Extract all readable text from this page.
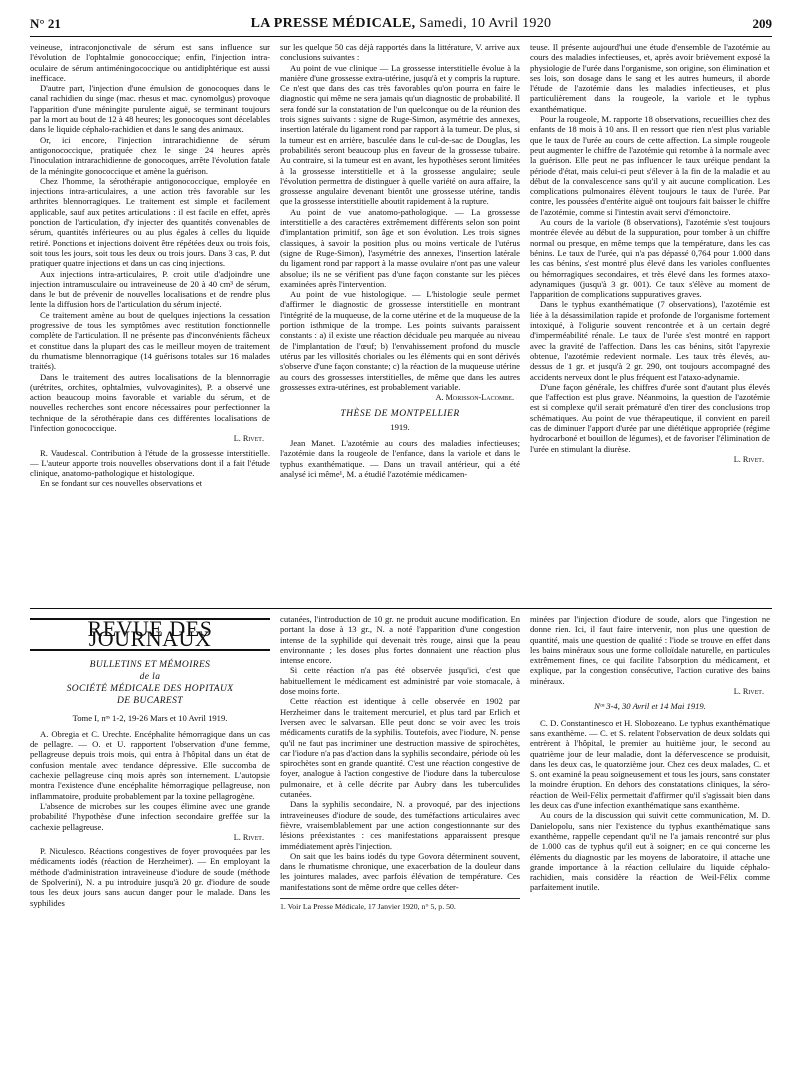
N° 21	LA PRESSE MÉDICALE, Samedi, 10 Avril 1920	209

veineuse, intraconjonctivale de sérum est sans influence sur l'évolution de l'ophtalmie gonococcique; enfin, l'injection intra-oculaire de sérum antiméningococcique ou antidiphtérique est aussi inefficace.

D'autre part, l'injection d'une émulsion de gonocoques dans le canal rachidien du singe (mac. rhesus et mac. cynomolgus) provoque l'apparition d'une méningite purulente aiguë, se terminant toujours par la mort au bout de 12 à 48 heures; les gonocoques sont décelables dans le liquide céphalo-rachidien et dans le sang des animaux.

Or, ici encore, l'injection intrarachidienne de sérum antigonococcique, pratiquée chez le singe 24 heures après l'inoculation intrarachidienne de gonocoques, arrête l'évolution fatale de la méningite gonococcique et amène la guérison.

Chez l'homme, la sérothérapie antigonococcique, employée en injections intra-articulaires, a une action très favorable sur les arthrites blennorragiques. Le traitement est simple et facilement applicable, sauf aux petites articulations : il est facile en effet, après ponction de l'articulation, d'y injecter des quantités convenables de sérum, quantités inférieures ou au plus égales à celles du liquide retiré. Ponctions et injections doivent être répétées deux ou trois fois, soit tous les jours, soit tous les deux ou trois jours. Dans 3 cas, P. dut pratiquer quatre injections et dans un cas cinq injections.

Aux injections intra-articulaires, P. croit utile d'adjoindre une injection intramusculaire ou intraveineuse de 20 à 40 cm³ de sérum, dans le but de prévenir de nouvelles localisations et de rendre plus lente la diffusion hors de l'articulation du sérum injecté.

Ce traitement amène au bout de quelques injections la cessation progressive de tous les symptômes avec restitution fonctionnelle complète de l'articulation. Il ne présente pas d'inconvénients fâcheux et constitue dans la plupart des cas le meilleur moyen de traitement du rhumatisme blennorragique (14 guérisons totales sur 16 malades traités).

Dans le traitement des autres localisations de la blennorragie (urétrites, orchites, ophtalmies, vulvovaginites), P. a observé une action beaucoup moins favorable et variable du sérum, et de nouvelles recherches sont encore nécessaires pour perfectionner la technique de la sérothérapie dans ces différentes localisations de l'infection gonococcique.

L. Rivet.

R. Vaudescal. Contribution à l'étude de la grossesse interstitielle. — L'auteur apporte trois nouvelles observations dont il a fait l'étude clinique, anatomo-pathologique et histologique.

En se fondant sur ces nouvelles observations et

sur les quelque 50 cas déjà rapportés dans la littérature, V. arrive aux conclusions suivantes :

Au point de vue clinique — La grossesse interstitielle évolue à la manière d'une grossesse extra-utérine, jusqu'à et y compris la rupture. Ce n'est que dans des cas très favorables qu'on pourra en faire le diagnostic qui même ne sera jamais qu'un diagnostic de probabilité. Il sera fondé sur la constatation de l'un quelconque ou de la réunion des trois signes suivants : signe de Ruge-Simon, asymétrie des annexes, insertion latérale du ligament rond par rapport à la tumeur. De plus, si la tumeur est en arrière, basculée dans le cul-de-sac de Douglas, les probabilités seront beaucoup plus en faveur de la grossesse tubaire. Au contraire, si la tumeur est en avant, les hypothèses seront limitées à la grossesse interstitielle et à la grossesse angulaire; seule l'évolution permettra de distinguer à quelle variété on aura affaire, la grossesse angulaire devenant bientôt une grossesse utérine, tandis que la grossesse interstitielle aboutit rapidement à la rupture.

Au point de vue anatomo-pathologique. — La grossesse interstitielle a des caractères extrêmement différents selon son point d'implantation primitif, son âge et son évolution. Les trois signes classiques, à savoir la position plus ou moins verticale de l'utérus (signe de Ruge-Simon), l'asymétrie des annexes, l'insertion latérale du ligament rond par rapport à la masse ovulaire n'ont pas une valeur absolue; ils ne se vérifient pas d'une façon constante sur les pièces examinées après l'intervention.

Au point de vue histologique. — L'histologie seule permet d'affirmer le diagnostic de grossesse interstitielle en montrant l'intégrité de la muqueuse, de la corne utérine et de la muqueuse de la portion isthmique de la trompe. Les points suivants paraissent constants : a) il existe une réaction déciduale peu marquée au niveau de l'implantation de l'œuf; b) l'envahissement profond du muscle utérus par les villosités choriales ou les éléments qui en sont dérivés s'observe d'une façon constante; c) la réaction de la muqueuse utérine au cours des grossesses interstitielles, de même que dans les autres grossesses extra-utérines, est probablement variable.

A. Morisson-Lacombe.
THÈSE DE MONTPELLIER
1919.

Jean Manet. L'azotémie au cours des maladies infectieuses; l'azotémie dans la rougeole de l'enfance, dans la variole et dans le typhus exanthématique. — Dans un travail antérieur, qui a été analysé ici même¹, M. a étudié l'azotémie médicamen-

teuse. Il présente aujourd'hui une étude d'ensemble de l'azotémie au cours des maladies infectieuses, et, après avoir brièvement exposé la physiologie de l'urée dans l'organisme, son origine, son élimination et ses lois, son dosage dans le sang et les autres humeurs, il aborde l'étude de l'azotémie dans les maladies infectieuses, et plus particulièrement dans la rougeole, la variole et le typhus exanthématique.

Pour la rougeole, M. rapporte 18 observations, recueillies chez des enfants de 18 mois à 10 ans. Il en ressort que rien n'est plus variable que le taux de l'urée au cours de cette affection. La simple rougeole peut augmenter le chiffre de l'azotémie qui retombe à la normale avec la guérison. Elle peut ne pas influencer le taux uréique pendant la période d'état, mais celui-ci peut s'élever à la fin de la maladie et au début de la convalescence sans qu'il y ait aucune complication. Les complications pulmonaires élèvent toujours le taux de l'urée. Par contre, les poussées d'entérite aiguë ont toujours fait baisser le chiffre de l'azotémie, comme si l'intestin avait servi d'émonctoire.

Au cours de la variole (8 observations), l'azotémie s'est toujours montrée élevée au début de la suppuration, pour tomber à un chiffre normal ou presque, en même temps que la température, dans les cas bénins. Le taux de l'urée, qui n'a pas dépassé 0,764 pour 1.000 dans les cas bénins, s'est montré plus élevé dans les varioles confluentes ou hémorragiques secondaires, et très élevé dans les formes ataxo-adynamiques (jusqu'à 3 gr. 001). Ce taux s'élève au moment de l'apparition de complications suppuratives graves.

Dans le typhus exanthématique (7 observations), l'azotémie est liée à la désassimilation rapide et profonde de l'organisme fortement intoxiqué, à l'oligurie souvent rencontrée et à un certain degré d'imperméabilité rénale. Le taux de l'urée s'est montré en rapport avec la gravité de l'affection. Dans les cas bénins, sitôt l'apyrexie obtenue, l'azotémie redevient normale. Les taux très élevés, au-dessus de 1 gr. et jusqu'à 2 gr. 290, ont toujours accompagné des accidents nerveux dont le plus fréquent est l'ataxo-adynamie.

D'une façon générale, les chiffres d'urée sont d'autant plus élevés que l'affection est plus grave. Néanmoins, la question de l'azotémie est si complexe qu'il serait prématuré d'en tirer des conclusions trop schématiques. Au point de vue thérapeutique, il convient en pareil cas de diminuer l'apport d'urée par une diététique appropriée (régime hydrocarboné et bouillon de légumes), et de favoriser l'élimination de l'urée en stimulant la diurèse.

L. Rivet.
REVUE DES JOURNAUX
BULLETINS ET MÉMOIRES
de la
SOCIÉTÉ MÉDICALE DES HOPITAUX
DE BUCAREST
Tome I, nᵒˢ 1-2, 19-26 Mars et 10 Avril 1919.

A. Obregia et C. Urechte. Encéphalite hémorragique dans un cas de pellagre. — O. et U. rapportent l'observation d'une femme, pellagreuse depuis trois mois, qui entra à l'hôpital dans un état de confusion mentale avec tendance dépressive. Elle succomba de cachexie pellagreuse cinq mois après son internement. L'autopsie montra l'existence d'une encéphalite hémorragique pellagreuse, non inflammatoire, produite probablement par la toxine pellagrogène.

L'absence de microbes sur les coupes élimine avec une grande probabilité l'hypothèse d'une infection secondaire greffée sur la cachexie pellagreuse.

L. Rivet.

P. Niculesco. Réactions congestives de foyer provoquées par les médicaments iodés (réaction de Herzheimer). — En employant la méthode d'administration intraveineuse d'iodure de soude (méthode de Spolverini), N. a pu introduire jusqu'à 20 gr. d'iodure de soude tous les deux jours sans aucun danger pour le malade. Dans les syphilides

cutanées, l'introduction de 10 gr. ne produit aucune modification. En portant la dose à 13 gr., N. a noté l'apparition d'une congestion intense de la syphilide qui devenait très rouge, ainsi que la peau environnante ; les doses plus fortes donnaient une réaction plus intense encore.

Si cette réaction n'a pas été observée jusqu'ici, c'est que habituellement le médicament est administré par voie stomacale, à dose moins forte.

Cette réaction est identique à celle observée en 1902 par Herzheimer dans le traitement mercuriel, et plus tard par Erlich et Iversen avec le salvarsan. Elle peut donc se voir avec les trois médicaments curatifs de la syphilis. Toutefois, avec l'iodure, N. pense qu'il ne faut pas incriminer une destruction massive de spirochètes, car l'iodure n'a pas d'action dans la syphilis secondaire, période où les spirochètes sont en grande quantité. C'est une réaction congestive de foyer, analogue à l'action congestive de l'iodure dans la tuberculose pulmonaire, et à celle décrite par Aubry dans les tuberculides cutanées.

Dans la syphilis secondaire, N. a provoqué, par des injections intraveineuses d'iodure de soude, des tuméfactions articulaires avec fièvre, vraisemblablement par une action congestionnante sur des lésions préexistantes : ces manifestations apparaissent presque immédiatement après l'injection.

On sait que les bains iodés du type Govora déterminent souvent, dans le rhumatisme chronique, une exacerbation de la douleur dans les jointures malades, avec parfois élévation de température. Ces manifestations sont de même ordre que celles déter-

1. Voir La Presse Médicale, 17 Janvier 1920, n° 5, p. 50.

minées par l'injection d'iodure de soude, alors que l'ingestion ne donne rien. Ici, il faut faire intervenir, non plus une question de quantité, mais une question de qualité : l'iode se trouve en effet dans les bains minéraux sous une forme colloïdale naturelle, en particules extrêmement fines, ce qui facilite l'absorption du médicament, et explique, par la congestion consécutive, l'action curative des bains minéraux.

L. Rivet.
Nᵒˢ 3-4, 30 Avril et 14 Mai 1919.

C. D. Constantinesco et H. Slobozeano. Le typhus exanthématique sans exanthème. — C. et S. relatent l'observation de deux soldats qui entrèrent à l'hôpital, le premier au huitième jour, le second au quatrième jour de leur maladie, dont la défervescence se produisit, dans les deux cas, le quatorzième jour. Chez ces deux malades, C. et S. ont examiné la peau soigneusement et tous les jours, sans constater la moindre éruption. En dehors des constatations cliniques, la séro-réaction de Weil-Félix permettait d'affirmer qu'il s'agissait bien dans les deux cas d'une infection exanthématique sans exanthème.

Au cours de la discussion qui suivit cette communication, M. D. Danielopolu, sans nier l'existence du typhus exanthématique sans exanthème, rappelle cependant qu'il ne l'a jamais rencontré sur plus de 1.000 cas de typhus qu'il eut à soigner; en ce qui concerne les éléments du diagnostic par les moyens de laboratoire, il attache une grande importance à la réaction cellulaire du liquide céphalo-rachidien, mais considère la réaction de Weil-Félix comme parfaitement inutile.
